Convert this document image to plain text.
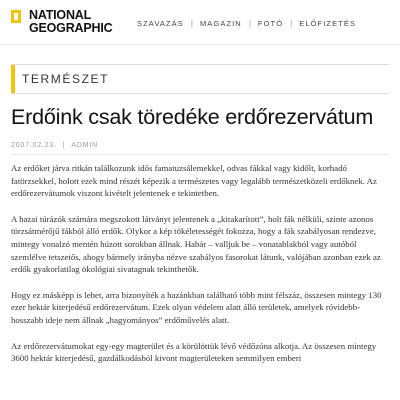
NATIONAL
GEOGRAPHIC	SZAVAZÁS | MAGAZIN | FOTÓ | ELŐFIZETÉS
TERMÉSZET
Erdőink csak töredéke erdőrezervátum
2007.02.23. | ADMIN

Az erdőket járva ritkán találkozunk idős famatuzsálemekkel, odvas fákkal vagy kidőlt, korhadó fatörzsekkel, holott ezek mind részét képezik a természetes vagy legalább természetközeli erdőknek. Az erdőrezervátumok viszont kivételt jelentenek e tekintetben.

A hazai túrázók számára megszokott látványt jelentenek a „kitakarított”, holt fák nélküli, szinte azonos törzsátmérőjű fákból álló erdők. Olykor a kép tökéletességét fokozza, hogy a fák szabályosan rendezve, mintegy vonalzó mentén húzott sorokban állnak. Habár – valljuk be – vonatablakból vagy autóból szemlélve tetszetős, ahogy bármely irányba nézve szabályos fasorokat látunk, valójában azonban ezek az erdők gyakorlatilag ökológiai sivatagnak tekinthetők.

Hogy ez másképp is lehet, arra bizonyíték a hazánkban található több mint félszáz, összesen mintegy 130 ezer hektár kiterjedésű erdőrezervátum. Ezek olyan védelem alatt álló területek, amelyek róvidebb-hosszabb ideje nem állnak „hagyományos” erdőművelés alatt.

Az erdőrezervátumokat egy-egy magterület és a körülöttük lévő védőzóna alkotja. Az összesen mintegy 3600 hektár kiterjedésű, gazdálkodásból kivont magterületeken semmilyen emberi
